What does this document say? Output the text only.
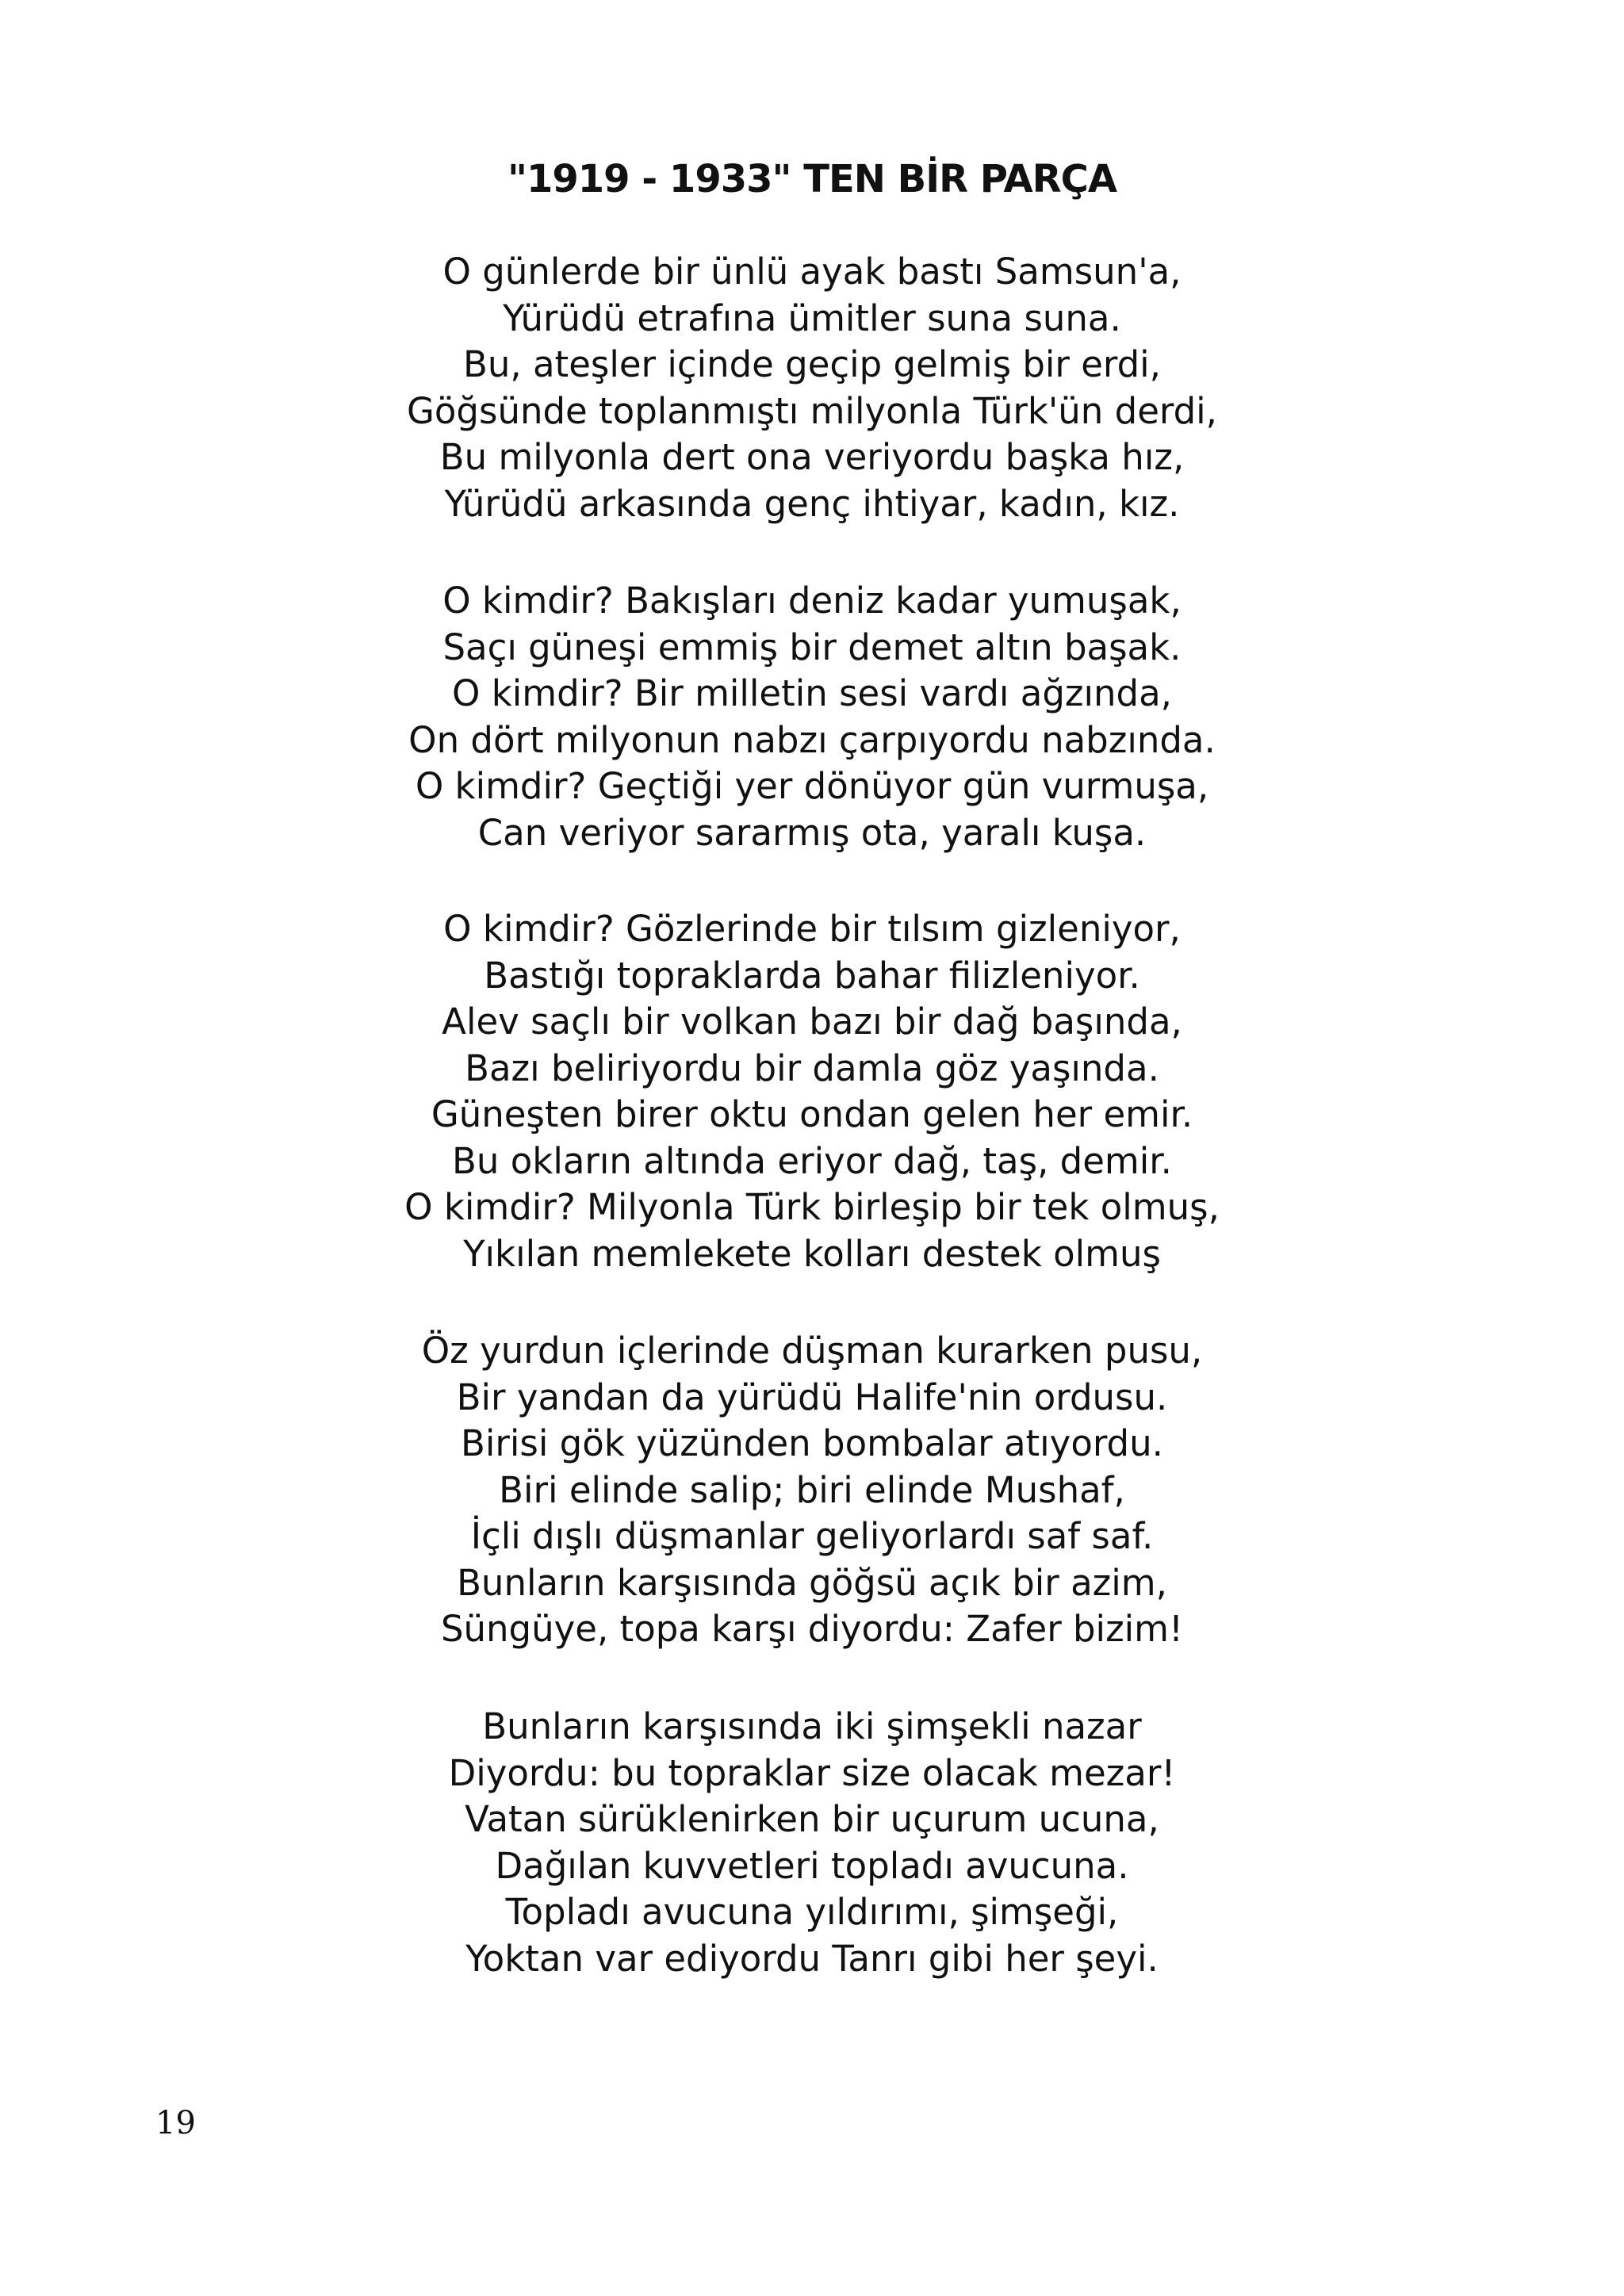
"1919 - 1933" TEN BİR PARÇA
O günlerde bir ünlü ayak bastı Samsun'a,
Yürüdü etrafına ümitler suna suna.
Bu, ateşler içinde geçip gelmiş bir erdi,
Göğsünde toplanmıştı milyonla Türk'ün derdi,
Bu milyonla dert ona veriyordu başka hız,
Yürüdü arkasında genç ihtiyar, kadın, kız.
O kimdir? Bakışları deniz kadar yumuşak,
Saçı güneşi emmiş bir demet altın başak.
O kimdir? Bir milletin sesi vardı ağzında,
On dört milyonun nabzı çarpıyordu nabzında.
O kimdir? Geçtiği yer dönüyor gün vurmuşa,
Can veriyor sararmış ota, yaralı kuşa.
O kimdir? Gözlerinde bir tılsım gizleniyor,
Bastığı topraklarda bahar filizleniyor.
Alev saçlı bir volkan bazı bir dağ başında,
Bazı beliriyordu bir damla göz yaşında.
Güneşten birer oktu ondan gelen her emir.
Bu okların altında eriyor dağ, taş, demir.
O kimdir? Milyonla Türk birleşip bir tek olmuş,
Yıkılan memlekete kolları destek olmuş
Öz yurdun içlerinde düşman kurarken pusu,
Bir yandan da yürüdü Halife'nin ordusu.
Birisi gök yüzünden bombalar atıyordu.
Biri elinde salip; biri elinde Mushaf,
İçli dışlı düşmanlar geliyorlardı saf saf.
Bunların karşısında göğsü açık bir azim,
Süngüye, topa karşı diyordu: Zafer bizim!
Bunların karşısında iki şimşekli nazar
Diyordu: bu topraklar size olacak mezar!
Vatan sürüklenirken bir uçurum ucuna,
Dağılan kuvvetleri topladı avucuna.
Topladı avucuna yıldırımı, şimşeği,
Yoktan var ediyordu Tanrı gibi her şeyi.
19
